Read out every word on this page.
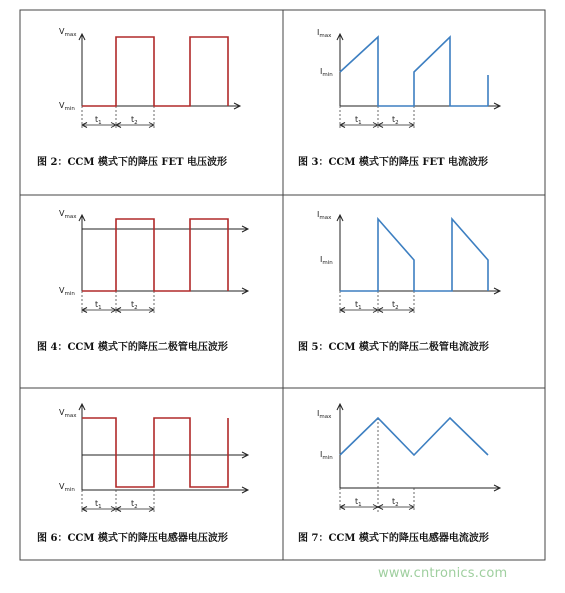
$t_1$	$t_2$
$V_{max}$
$V_{min}$
图 2：CCM 模式下的降压 FET 电压波形
$t_1$	$t_2$
$I_{max}$
$I_{min}$
图 3：CCM 模式下的降压 FET 电流波形
$t_1$	$t_2$
$V_{max}$
$V_{min}$
图 4：CCM 模式下的降压二极管电压波形
$t_1$	$t_2$
$I_{max}$
$I_{min}$
图 5：CCM 模式下的降压二极管电流波形
$t_1$	$t_2$
$V_{max}$
$V_{min}$
图 6：CCM 模式下的降压电感器电压波形
$t_1$	$t_2$
$I_{max}$
$I_{min}$
图 7：CCM 模式下的降压电感器电流波形
www.cntronics.com
